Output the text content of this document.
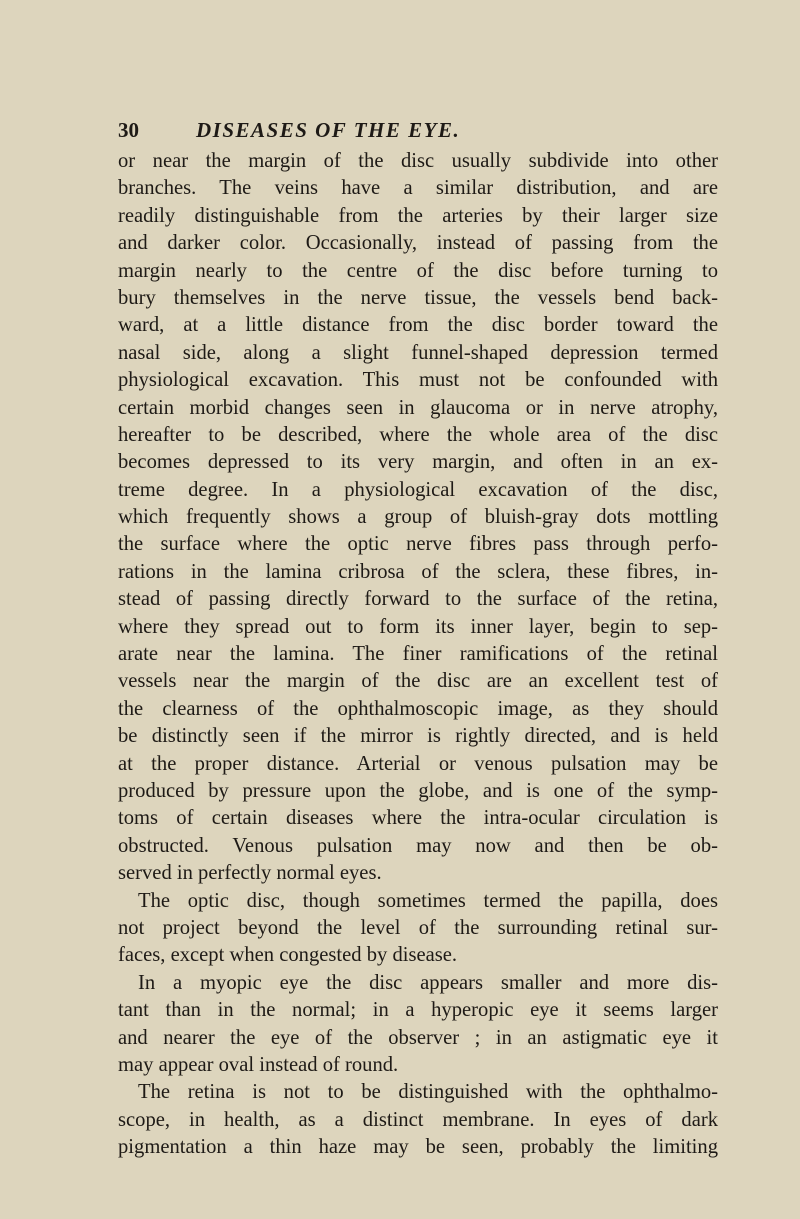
30	DISEASES OF THE EYE.
or near the margin of the disc usually subdivide into other
branches. The veins have a similar distribution, and are
readily distinguishable from the arteries by their larger size
and darker color. Occasionally, instead of passing from the
margin nearly to the centre of the disc before turning to
bury themselves in the nerve tissue, the vessels bend back-
ward, at a little distance from the disc border toward the
nasal side, along a slight funnel-shaped depression termed
physiological excavation. This must not be confounded with
certain morbid changes seen in glaucoma or in nerve atrophy,
hereafter to be described, where the whole area of the disc
becomes depressed to its very margin, and often in an ex-
treme degree. In a physiological excavation of the disc,
which frequently shows a group of bluish-gray dots mottling
the surface where the optic nerve fibres pass through perfo-
rations in the lamina cribrosa of the sclera, these fibres, in-
stead of passing directly forward to the surface of the retina,
where they spread out to form its inner layer, begin to sep-
arate near the lamina. The finer ramifications of the retinal
vessels near the margin of the disc are an excellent test of
the clearness of the ophthalmoscopic image, as they should
be distinctly seen if the mirror is rightly directed, and is held
at the proper distance. Arterial or venous pulsation may be
produced by pressure upon the globe, and is one of the symp-
toms of certain diseases where the intra-ocular circulation is
obstructed. Venous pulsation may now and then be ob-
served in perfectly normal eyes.
The optic disc, though sometimes termed the papilla, does
not project beyond the level of the surrounding retinal sur-
faces, except when congested by disease.
In a myopic eye the disc appears smaller and more dis-
tant than in the normal; in a hyperopic eye it seems larger
and nearer the eye of the observer ; in an astigmatic eye it
may appear oval instead of round.
The retina is not to be distinguished with the ophthalmo-
scope, in health, as a distinct membrane. In eyes of dark
pigmentation a thin haze may be seen, probably the limiting
